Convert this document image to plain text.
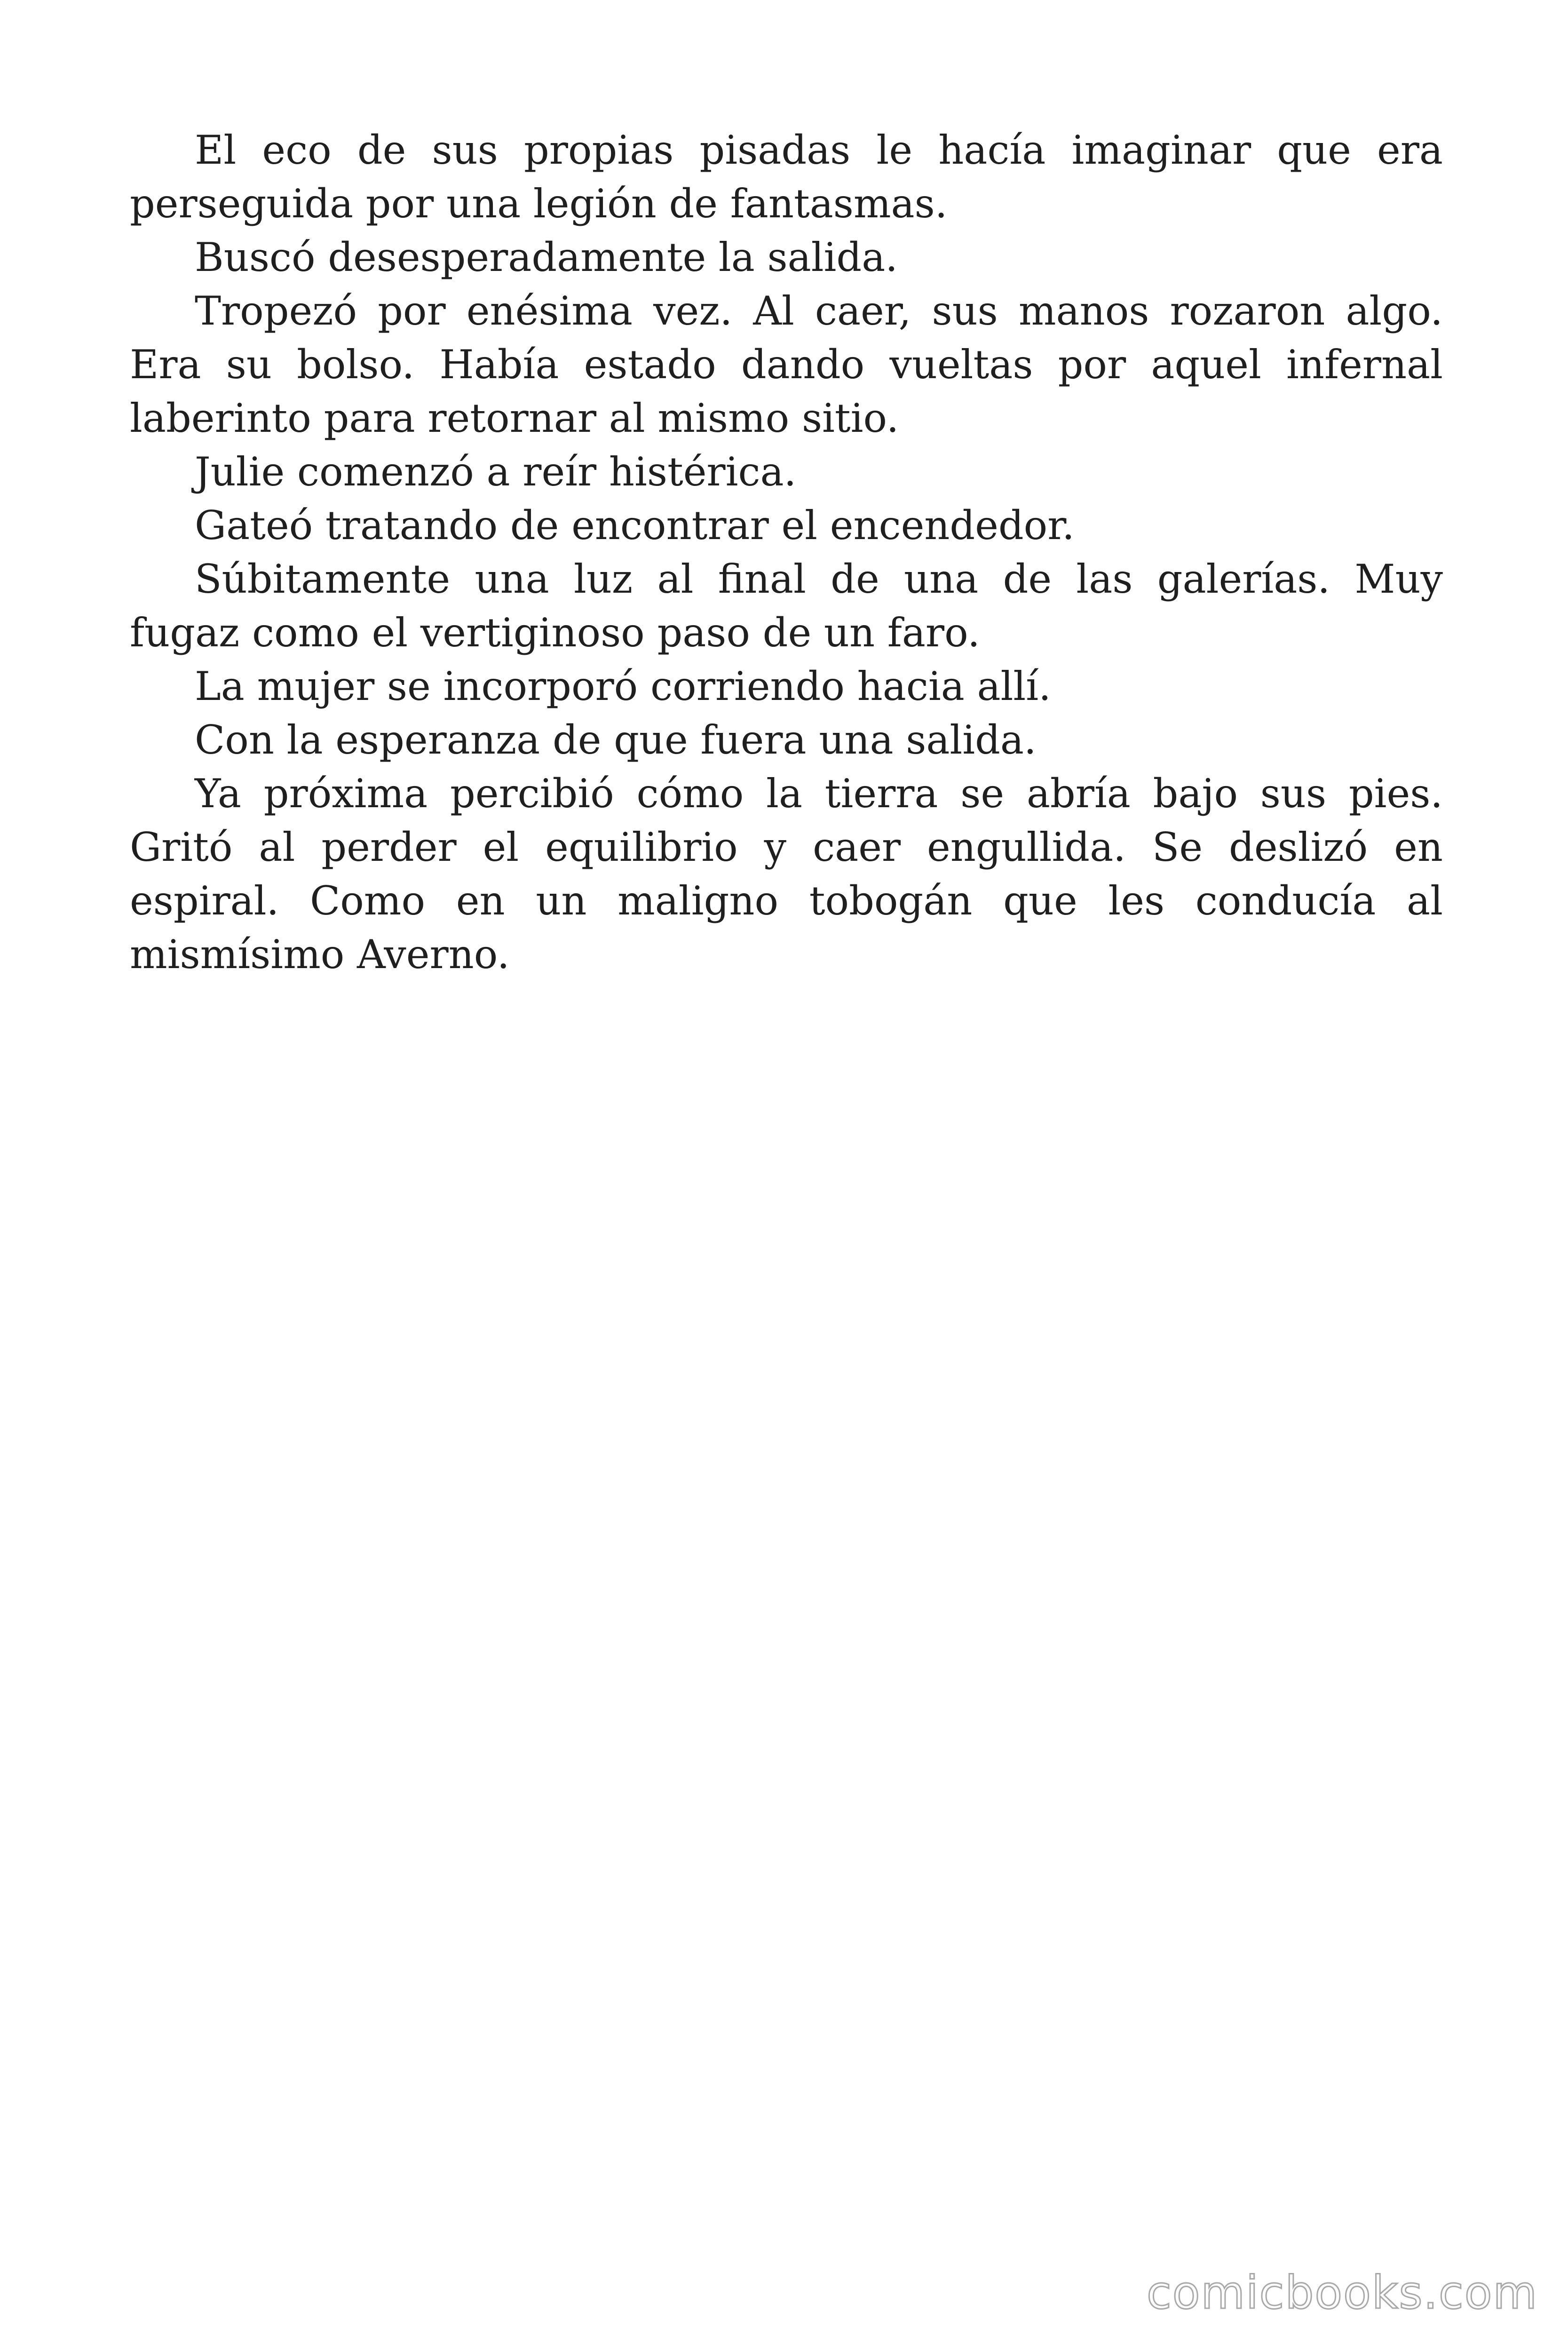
El eco de sus propias pisadas le hacía imaginar que era perseguida por una legión de fantasmas.

Buscó desesperadamente la salida.

Tropezó por enésima vez. Al caer, sus manos rozaron algo. Era su bolso. Había estado dando vueltas por aquel infernal laberinto para retornar al mismo sitio.

Julie comenzó a reír histérica.

Gateó tratando de encontrar el encendedor.

Súbitamente una luz al final de una de las galerías. Muy fugaz como el vertiginoso paso de un faro.

La mujer se incorporó corriendo hacia allí.

Con la esperanza de que fuera una salida.

Ya próxima percibió cómo la tierra se abría bajo sus pies. Gritó al perder el equilibrio y caer engullida. Se deslizó en espiral. Como en un maligno tobogán que les conducía al mismísimo Averno.

comicbooks.com
